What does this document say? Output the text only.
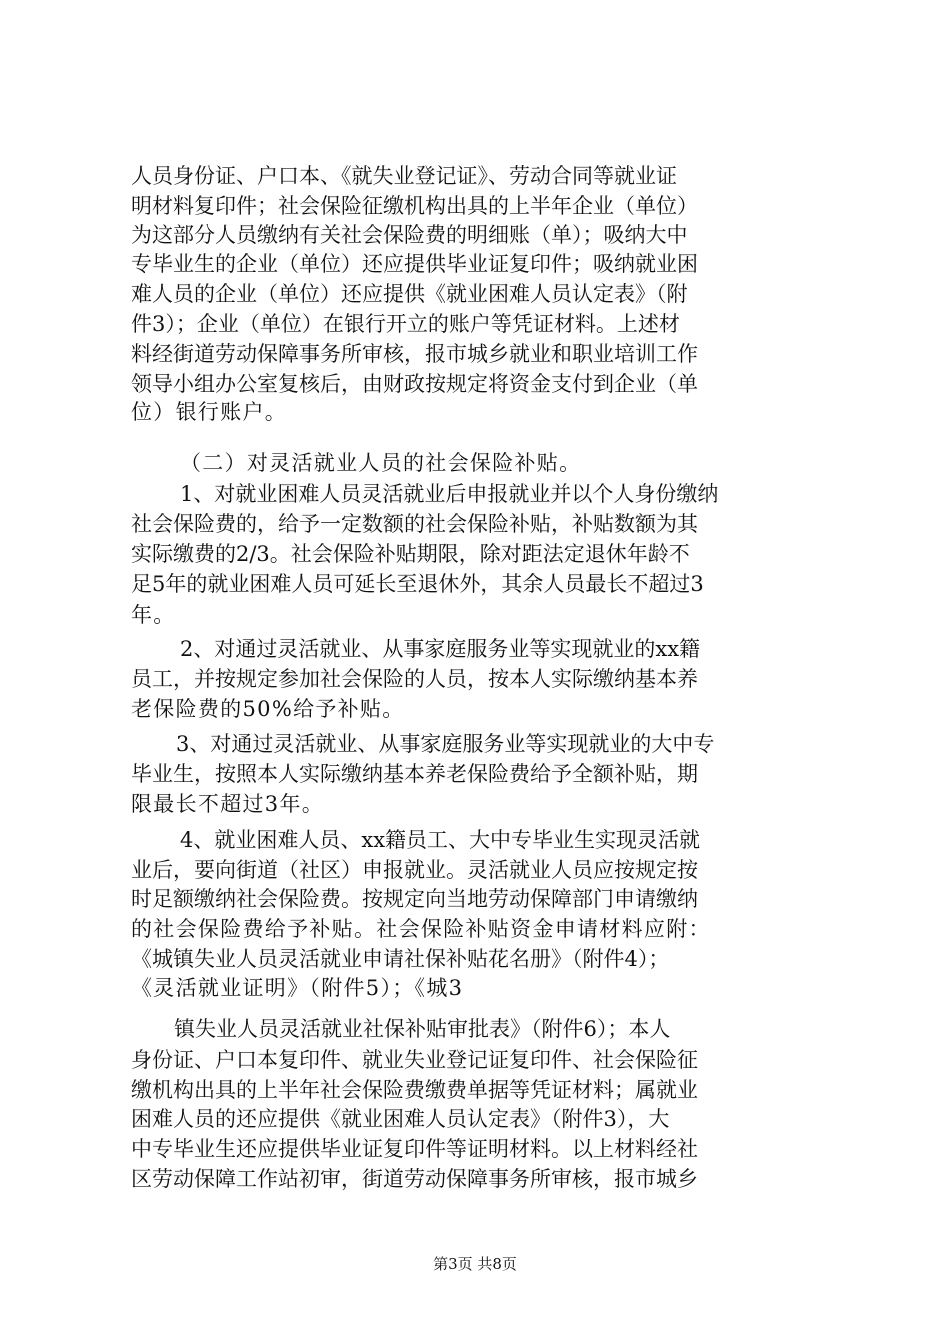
人员身份证、户口本、《就失业登记证》、劳动合同等就业证
明材料复印件；社会保险征缴机构出具的上半年企业（单位）
为这部分人员缴纳有关社会保险费的明细账（单）；吸纳大中
专毕业生的企业（单位）还应提供毕业证复印件；吸纳就业困
难人员的企业（单位）还应提供《就业困难人员认定表》（附
件3）；企业（单位）在银行开立的账户等凭证材料。上述材
料经街道劳动保障事务所审核，报市城乡就业和职业培训工作
领导小组办公室复核后，由财政按规定将资金支付到企业（单
位）银行账户。
（二）对灵活就业人员的社会保险补贴。
1、对就业困难人员灵活就业后申报就业并以个人身份缴纳
社会保险费的，给予一定数额的社会保险补贴，补贴数额为其
实际缴费的2/3。社会保险补贴期限，除对距法定退休年龄不
足5年的就业困难人员可延长至退休外，其余人员最长不超过3
年。
2、对通过灵活就业、从事家庭服务业等实现就业的xx籍
员工，并按规定参加社会保险的人员，按本人实际缴纳基本养
老保险费的50%给予补贴。
3、对通过灵活就业、从事家庭服务业等实现就业的大中专
毕业生，按照本人实际缴纳基本养老保险费给予全额补贴，期
限最长不超过3年。
4、就业困难人员、xx籍员工、大中专毕业生实现灵活就
业后，要向街道（社区）申报就业。灵活就业人员应按规定按
时足额缴纳社会保险费。按规定向当地劳动保障部门申请缴纳
的社会保险费给予补贴。社会保险补贴资金申请材料应附：
《城镇失业人员灵活就业申请社保补贴花名册》（附件4）；
《灵活就业证明》（附件5）；《城3
镇失业人员灵活就业社保补贴审批表》（附件6）；本人
身份证、户口本复印件、就业失业登记证复印件、社会保险征
缴机构出具的上半年社会保险费缴费单据等凭证材料；属就业
困难人员的还应提供《就业困难人员认定表》（附件3），大
中专毕业生还应提供毕业证复印件等证明材料。以上材料经社
区劳动保障工作站初审，街道劳动保障事务所审核，报市城乡
第3页 共8页
